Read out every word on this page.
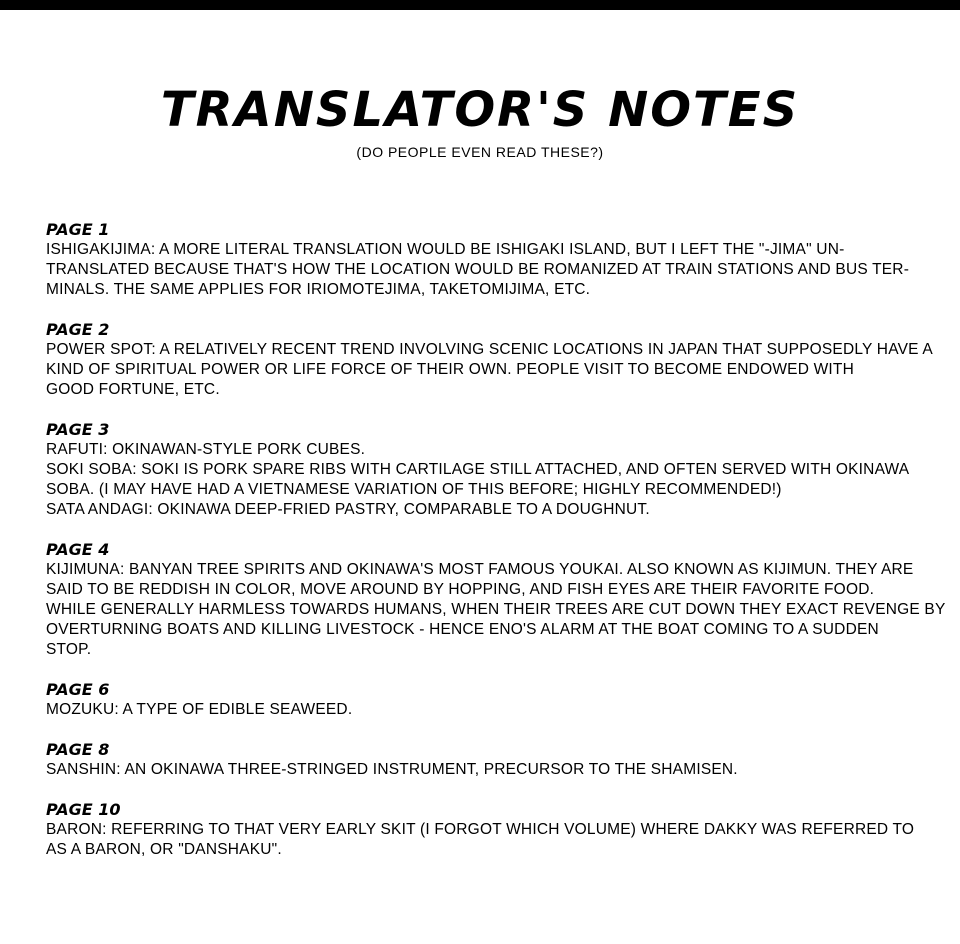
TRANSLATOR'S NOTES
(DO PEOPLE EVEN READ THESE?)
PAGE 1
ISHIGAKIJIMA: A MORE LITERAL TRANSLATION WOULD BE ISHIGAKI ISLAND, BUT I LEFT THE "-JIMA" UN-
TRANSLATED BECAUSE THAT'S HOW THE LOCATION WOULD BE ROMANIZED AT TRAIN STATIONS AND BUS TER-
MINALS. THE SAME APPLIES FOR IRIOMOTEJIMA, TAKETOMIJIMA, ETC.
PAGE 2
POWER SPOT: A RELATIVELY RECENT TREND INVOLVING SCENIC LOCATIONS IN JAPAN THAT SUPPOSEDLY HAVE A
KIND OF SPIRITUAL POWER OR LIFE FORCE OF THEIR OWN. PEOPLE VISIT TO BECOME ENDOWED WITH
GOOD FORTUNE, ETC.
PAGE 3
RAFUTI: OKINAWAN-STYLE PORK CUBES.
SOKI SOBA: SOKI IS PORK SPARE RIBS WITH CARTILAGE STILL ATTACHED, AND OFTEN SERVED WITH OKINAWA
SOBA. (I MAY HAVE HAD A VIETNAMESE VARIATION OF THIS BEFORE; HIGHLY RECOMMENDED!)
SATA ANDAGI: OKINAWA DEEP-FRIED PASTRY, COMPARABLE TO A DOUGHNUT.
PAGE 4
KIJIMUNA: BANYAN TREE SPIRITS AND OKINAWA'S MOST FAMOUS YOUKAI. ALSO KNOWN AS KIJIMUN. THEY ARE
SAID TO BE REDDISH IN COLOR, MOVE AROUND BY HOPPING, AND FISH EYES ARE THEIR FAVORITE FOOD.
WHILE GENERALLY HARMLESS TOWARDS HUMANS, WHEN THEIR TREES ARE CUT DOWN THEY EXACT REVENGE BY
OVERTURNING BOATS AND KILLING LIVESTOCK - HENCE ENO'S ALARM AT THE BOAT COMING TO A SUDDEN
STOP.
PAGE 6
MOZUKU: A TYPE OF EDIBLE SEAWEED.
PAGE 8
SANSHIN: AN OKINAWA THREE-STRINGED INSTRUMENT, PRECURSOR TO THE SHAMISEN.
PAGE 10
BARON: REFERRING TO THAT VERY EARLY SKIT (I FORGOT WHICH VOLUME) WHERE DAKKY WAS REFERRED TO
AS A BARON, OR "DANSHAKU".
